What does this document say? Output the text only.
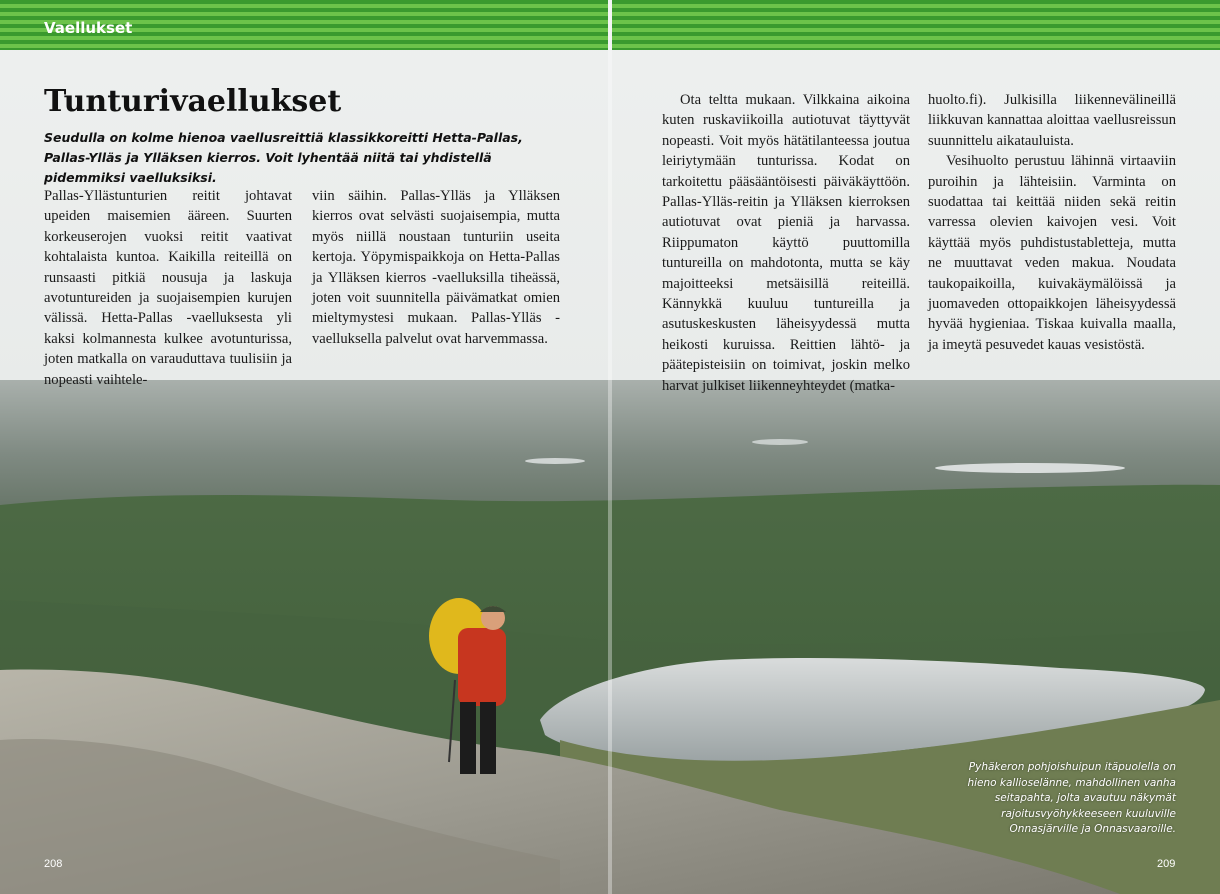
Vaellukset
Tunturivaellukset

Seudulla on kolme hienoa vaellusreittiä klassikkoreitti Hetta-Pallas, Pallas-Ylläs ja Ylläksen kierros. Voit lyhentää niitä tai yhdistellä pidemmiksi vaelluksiksi.

Pallas-Yllästunturien reitit johtavat upeiden maisemien ääreen. Suurten korkeuserojen vuoksi reitit vaativat kohtalaista kuntoa. Kaikilla reiteillä on runsaasti pitkiä nousuja ja laskuja avotuntureiden ja suojaisempien kurujen välissä. Hetta-Pallas -vaelluksesta yli kaksi kolmannesta kulkee avotunturissa, joten matkalla on varauduttava tuulisiin ja nopeasti vaihtele-

viin säihin. Pallas-Ylläs ja Ylläksen kierros ovat selvästi suojaisempia, mutta myös niillä noustaan tunturiin useita kertoja. Yöpymispaikkoja on Hetta-Pallas ja Ylläksen kierros -vaelluksilla tiheässä, joten voit suunnitella päivämatkat omien mieltymystesi mukaan. Pallas-Ylläs -vaelluksella palvelut ovat harvemmassa.

Ota teltta mukaan. Vilkkaina aikoina kuten ruskaviikoilla autiotuvat täyttyvät nopeasti. Voit myös hätätilanteessa joutua leiriytymään tunturissa. Kodat on tarkoitettu pääsääntöisesti päiväkäyttöön. Pallas-Ylläs-reitin ja Ylläksen kierroksen autiotuvat ovat pieniä ja harvassa. Riippumaton käyttö puuttomilla tuntureilla on mahdotonta, mutta se käy majoitteeksi metsäisillä reiteillä. Kännykkä kuuluu tuntureilla ja asutuskeskusten läheisyydessä mutta heikosti kuruissa. Reittien lähtö- ja päätepisteisiin on toimivat, joskin melko harvat julkiset liikenneyhteydet (matka-

huolto.fi). Julkisilla liikennevälineillä liikkuvan kannattaa aloittaa vaellusreissun suunnittelu aikatauluista.

Vesihuolto perustuu lähinnä virtaaviin puroihin ja lähteisiin. Varminta on suodattaa tai keittää niiden sekä reitin varressa olevien kaivojen vesi. Voit käyttää myös puhdistustabletteja, mutta ne muuttavat veden makua. Noudata taukopaikoilla, kuivakäymälöissä ja juomaveden ottopaikkojen läheisyydessä hyvää hygieniaa. Tiskaa kuivalla maalla, ja imeytä pesuvedet kauas vesistöstä.

Pyhäkeron pohjoishuipun itäpuolella on hieno kallioselänne, mahdollinen vanha seitapahta, jolta avautuu näkymät rajoitusvyöhykkeeseen kuuluville Onnasjärville ja Onnasvaaroille.

208	209
